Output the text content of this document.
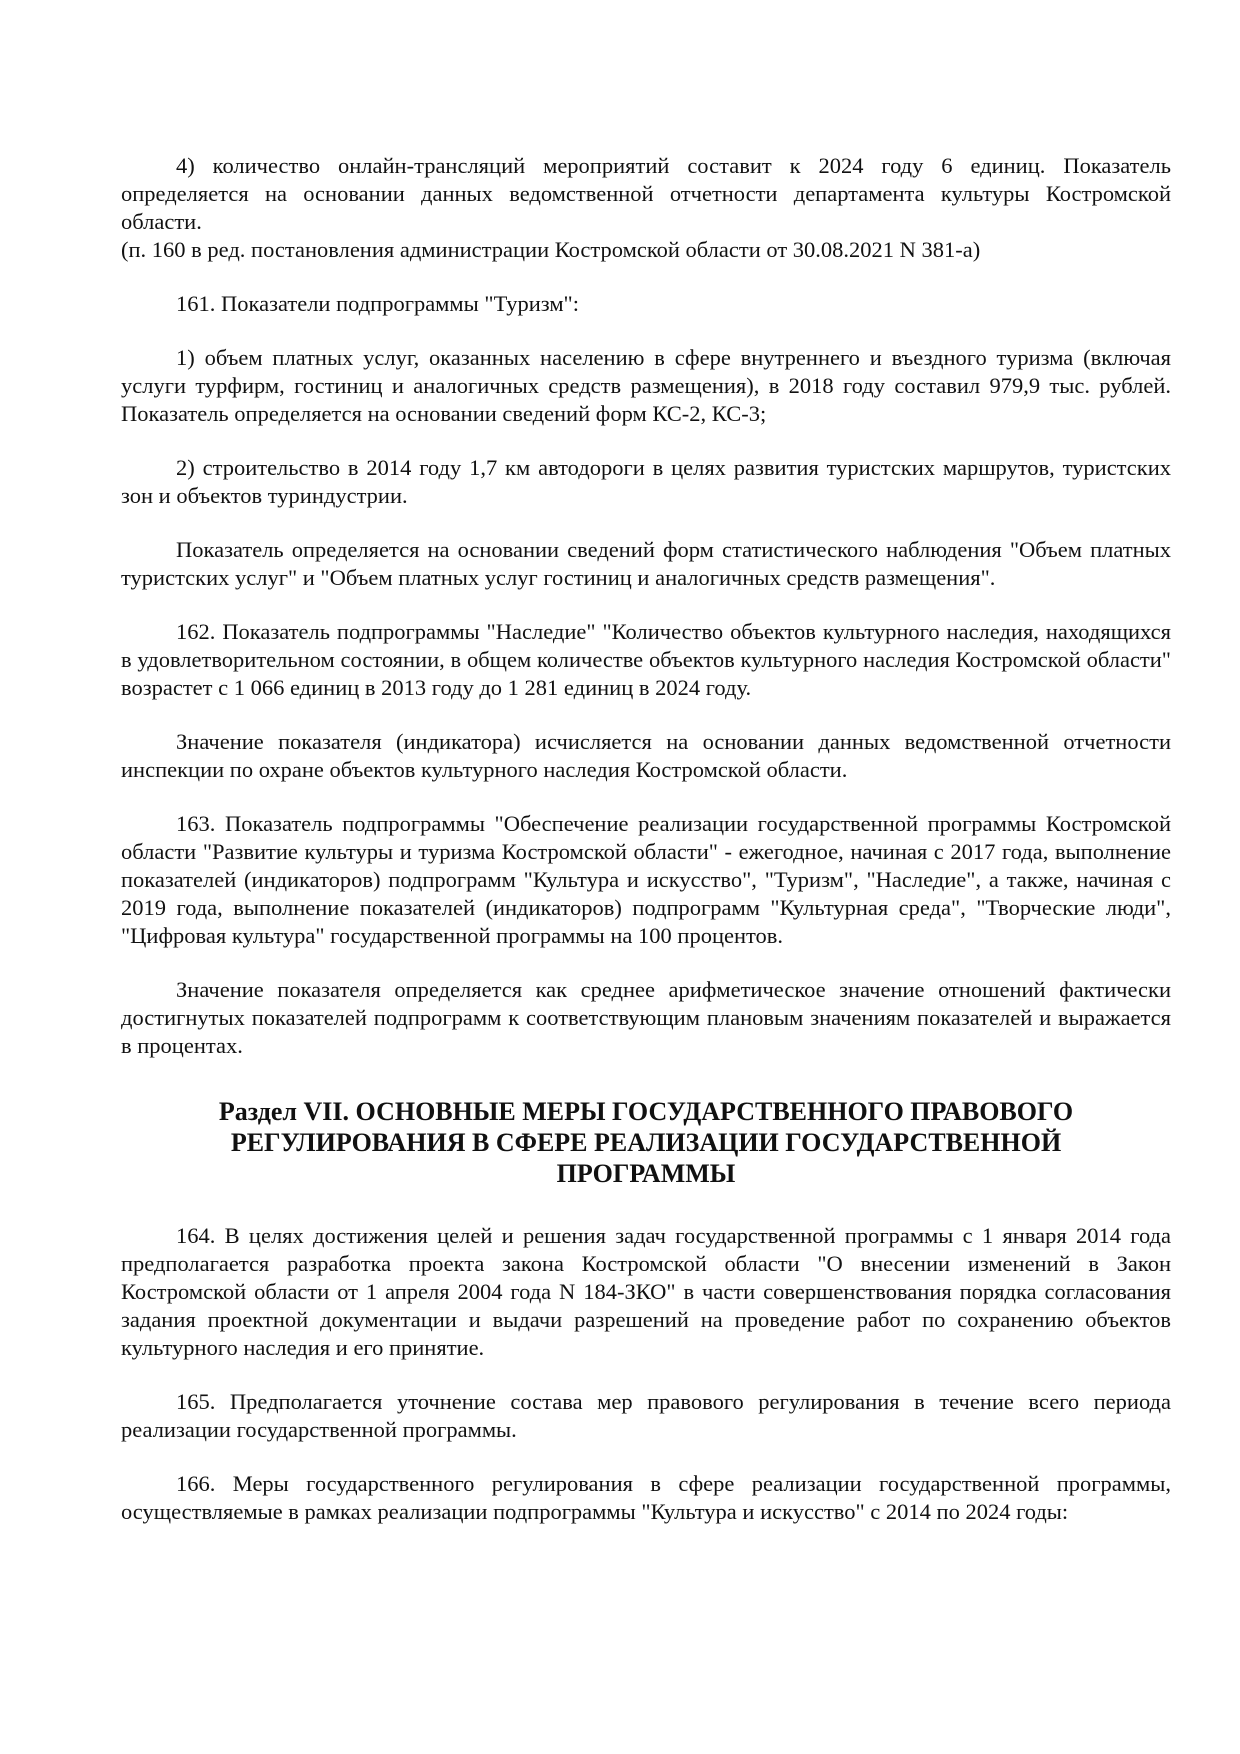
4) количество онлайн-трансляций мероприятий составит к 2024 году 6 единиц. Показатель определяется на основании данных ведомственной отчетности департамента культуры Костромской области.

(п. 160 в ред. постановления администрации Костромской области от 30.08.2021 N 381-а)

161. Показатели подпрограммы "Туризм":

1) объем платных услуг, оказанных населению в сфере внутреннего и въездного туризма (включая услуги турфирм, гостиниц и аналогичных средств размещения), в 2018 году составил 979,9 тыс. рублей. Показатель определяется на основании сведений форм КС-2, КС-3;

2) строительство в 2014 году 1,7 км автодороги в целях развития туристских маршрутов, туристских зон и объектов туриндустрии.

Показатель определяется на основании сведений форм статистического наблюдения "Объем платных туристских услуг" и "Объем платных услуг гостиниц и аналогичных средств размещения".

162. Показатель подпрограммы "Наследие" "Количество объектов культурного наследия, находящихся в удовлетворительном состоянии, в общем количестве объектов культурного наследия Костромской области" возрастет с 1 066 единиц в 2013 году до 1 281 единиц в 2024 году.

Значение показателя (индикатора) исчисляется на основании данных ведомственной отчетности инспекции по охране объектов культурного наследия Костромской области.

163. Показатель подпрограммы "Обеспечение реализации государственной программы Костромской области "Развитие культуры и туризма Костромской области" - ежегодное, начиная с 2017 года, выполнение показателей (индикаторов) подпрограмм "Культура и искусство", "Туризм", "Наследие", а также, начиная с 2019 года, выполнение показателей (индикаторов) подпрограмм "Культурная среда", "Творческие люди", "Цифровая культура" государственной программы на 100 процентов.

Значение показателя определяется как среднее арифметическое значение отношений фактически достигнутых показателей подпрограмм к соответствующим плановым значениям показателей и выражается в процентах.

Раздел VII. ОСНОВНЫЕ МЕРЫ ГОСУДАРСТВЕННОГО ПРАВОВОГО РЕГУЛИРОВАНИЯ В СФЕРЕ РЕАЛИЗАЦИИ ГОСУДАРСТВЕННОЙ ПРОГРАММЫ

164. В целях достижения целей и решения задач государственной программы с 1 января 2014 года предполагается разработка проекта закона Костромской области "О внесении изменений в Закон Костромской области от 1 апреля 2004 года N 184-ЗКО" в части совершенствования порядка согласования задания проектной документации и выдачи разрешений на проведение работ по сохранению объектов культурного наследия и его принятие.

165. Предполагается уточнение состава мер правового регулирования в течение всего периода реализации государственной программы.

166. Меры государственного регулирования в сфере реализации государственной программы, осуществляемые в рамках реализации подпрограммы "Культура и искусство" с 2014 по 2024 годы:
